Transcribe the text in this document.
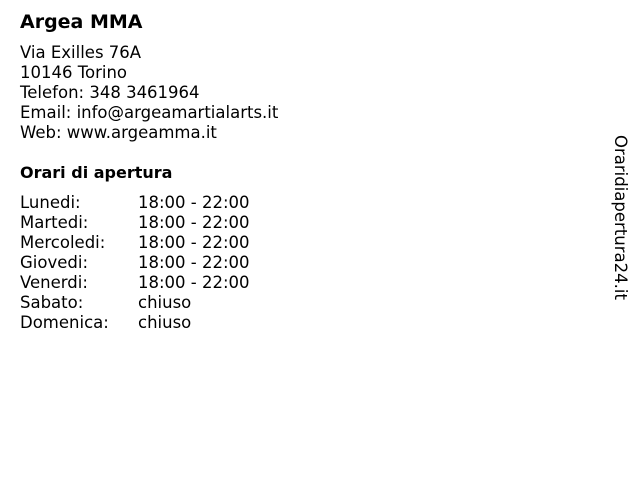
Argea MMA
Via Exilles 76A
10146 Torino
Telefon: 348 3461964
Email: info@argeamartialarts.it
Web: www.argeamma.it
Orari di apertura
Lunedi:	18:00 - 22:00
Martedi:	18:00 - 22:00
Mercoledi:	18:00 - 22:00
Giovedi:	18:00 - 22:00
Venerdi:	18:00 - 22:00
Sabato:	chiuso
Domenica:	chiuso
Oraridiapertura24.it
